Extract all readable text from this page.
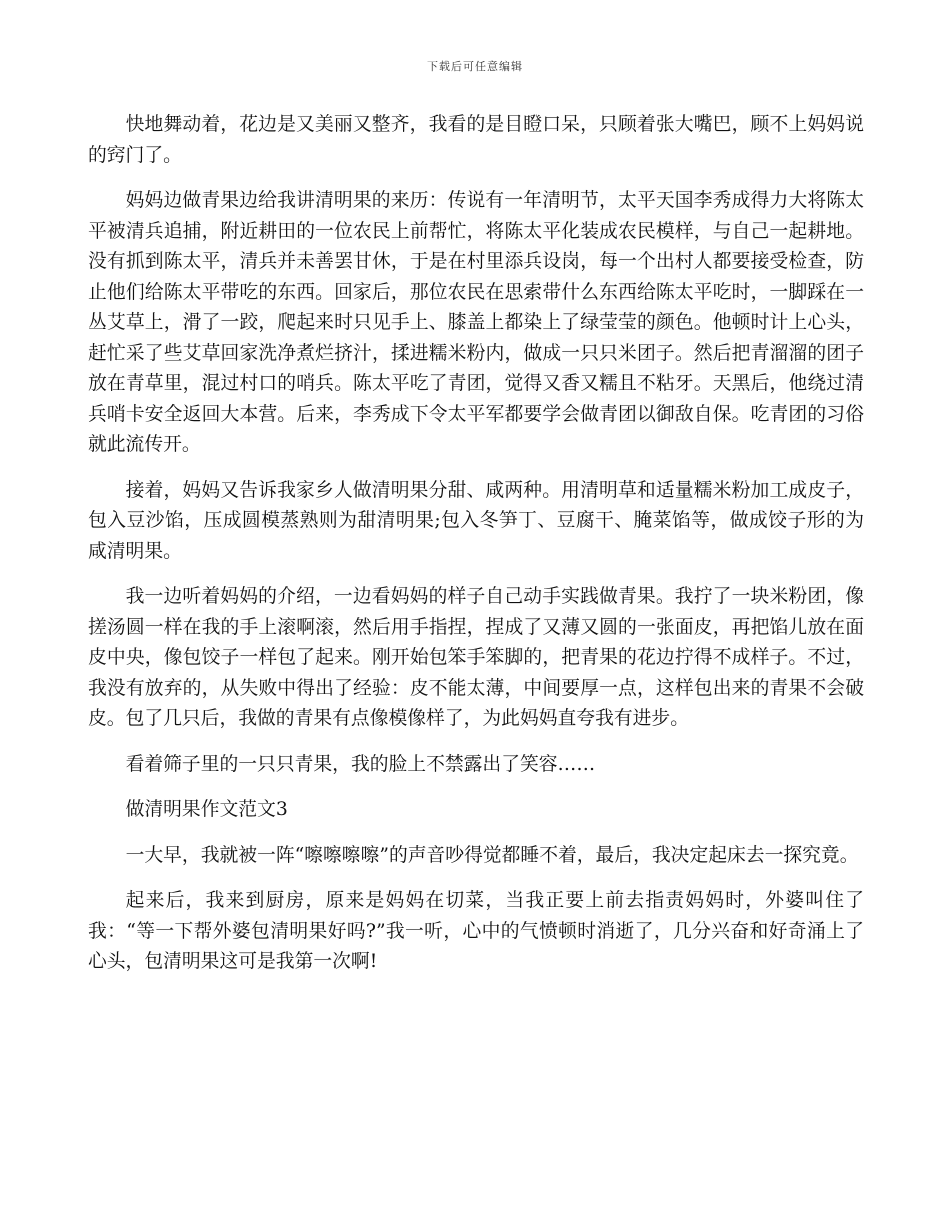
下载后可任意编辑

快地舞动着，花边是又美丽又整齐，我看的是目瞪口呆，只顾着张大嘴巴，顾不上妈妈说的窍门了。

妈妈边做青果边给我讲清明果的来历：传说有一年清明节，太平天国李秀成得力大将陈太平被清兵追捕，附近耕田的一位农民上前帮忙，将陈太平化装成农民模样，与自己一起耕地。没有抓到陈太平，清兵并未善罢甘休，于是在村里添兵设岗，每一个出村人都要接受检查，防止他们给陈太平带吃的东西。回家后，那位农民在思索带什么东西给陈太平吃时，一脚踩在一丛艾草上，滑了一跤，爬起来时只见手上、膝盖上都染上了绿莹莹的颜色。他顿时计上心头，赶忙采了些艾草回家洗净煮烂挤汁，揉进糯米粉内，做成一只只米团子。然后把青溜溜的团子放在青草里，混过村口的哨兵。陈太平吃了青团，觉得又香又糯且不粘牙。天黑后，他绕过清兵哨卡安全返回大本营。后来，李秀成下令太平军都要学会做青团以御敌自保。吃青团的习俗就此流传开。

接着，妈妈又告诉我家乡人做清明果分甜、咸两种。用清明草和适量糯米粉加工成皮子，包入豆沙馅，压成圆模蒸熟则为甜清明果;包入冬笋丁、豆腐干、腌菜馅等，做成饺子形的为咸清明果。

我一边听着妈妈的介绍，一边看妈妈的样子自己动手实践做青果。我拧了一块米粉团，像搓汤圆一样在我的手上滚啊滚，然后用手指捏，捏成了又薄又圆的一张面皮，再把馅儿放在面皮中央，像包饺子一样包了起来。刚开始包笨手笨脚的，把青果的花边拧得不成样子。不过，我没有放弃的，从失败中得出了经验：皮不能太薄，中间要厚一点，这样包出来的青果不会破皮。包了几只后，我做的青果有点像模像样了，为此妈妈直夸我有进步。

看着筛子里的一只只青果，我的脸上不禁露出了笑容……

做清明果作文范文3

一大早，我就被一阵“嚓嚓嚓嚓”的声音吵得觉都睡不着，最后，我决定起床去一探究竟。

起来后，我来到厨房，原来是妈妈在切菜，当我正要上前去指责妈妈时，外婆叫住了我：“等一下帮外婆包清明果好吗?”我一听，心中的气愤顿时消逝了，几分兴奋和好奇涌上了心头，包清明果这可是我第一次啊!
